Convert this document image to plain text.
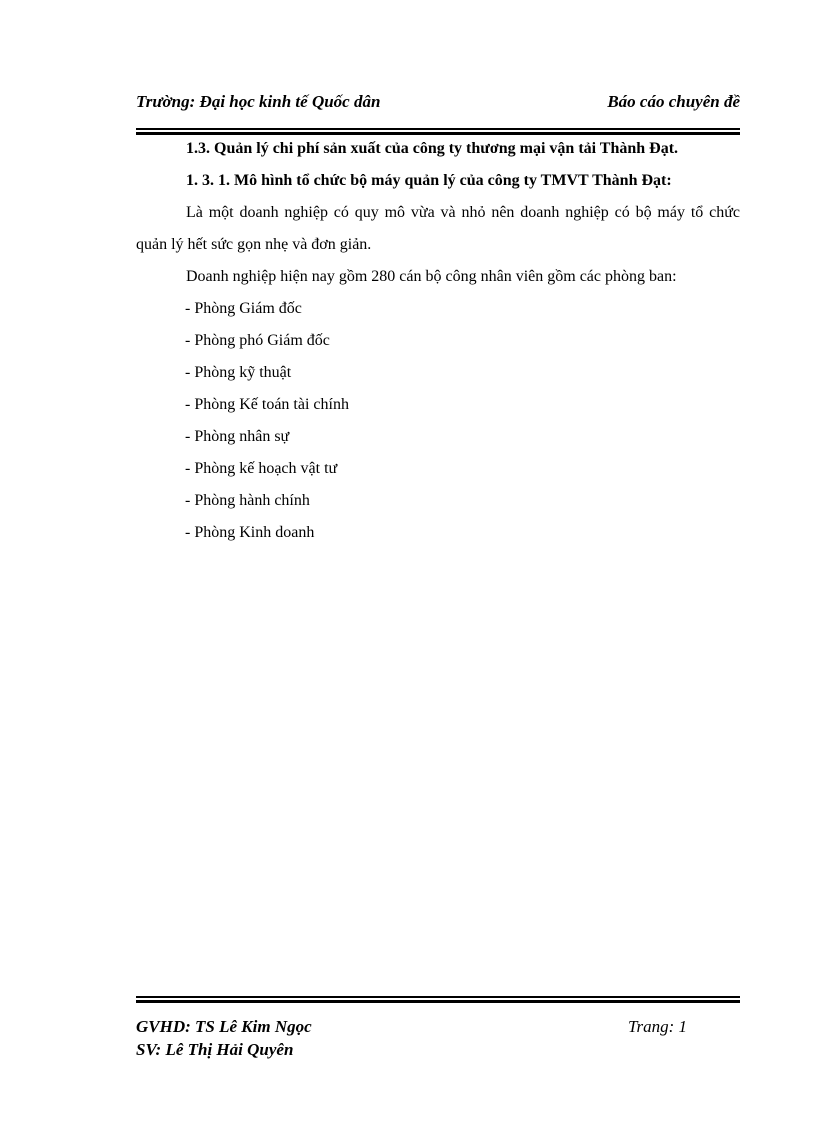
Trường: Đại học kinh tế Quốc dân	Báo cáo chuyên đề

1.3. Quản lý chi phí sản xuất của công ty thương mại vận tải Thành Đạt.

1. 3. 1. Mô hình tổ chức bộ máy quản lý của công ty TMVT Thành Đạt:

Là một doanh nghiệp có quy mô vừa và nhỏ nên doanh nghiệp có bộ máy tổ chức quản lý hết sức gọn nhẹ và đơn giản.

Doanh nghiệp hiện nay gồm 280 cán bộ công nhân viên gồm các phòng ban:

- Phòng Giám đốc
- Phòng phó Giám đốc
- Phòng kỹ thuật
- Phòng Kế toán tài chính
- Phòng nhân sự
- Phòng kế hoạch vật tư
- Phòng hành chính
- Phòng Kinh doanh
GVHD: TS Lê Kim Ngọc
SV: Lê Thị Hải Quyên
Trang: 1
